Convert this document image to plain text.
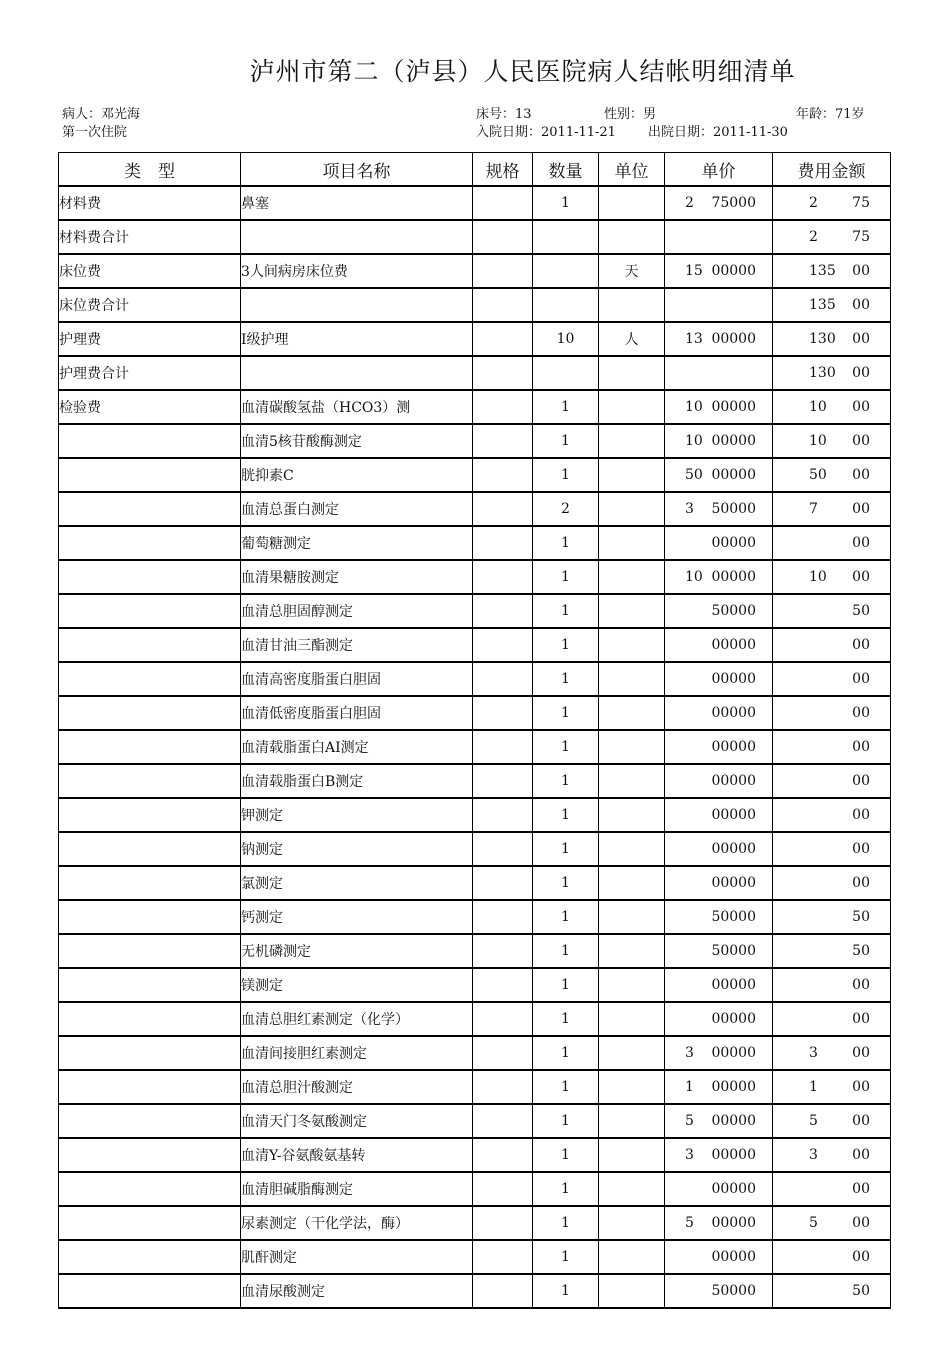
泸州市第二（泸县）人民医院病人结帐明细清单
病人：邓光海
第一次住院
床号：13	性别：男	年龄：71岁
入院日期：2011-11-21 出院日期：2011-11-30
类　型	项目名称	规格	数量	单位	单价	费用金额
材料费	鼻塞		1		2 75000	2 75

材料费合计						2 75

床位费	3人间病房床位费			天	15 00000	135 00

床位费合计						135 00

护理费	I级护理		10	人	13 00000	130 00

护理费合计						130 00

检验费	血清碳酸氢盐（HCO3）测		1		10 00000	10 00

	血清5核苷酸酶测定		1		10 00000	10 00

	胱抑素C		1		50 00000	50 00

	血清总蛋白测定		2		3 50000	7 00

	葡萄糖测定		1		00000	00

	血清果糖胺测定		1		10 00000	10 00

	血清总胆固醇测定		1		50000	50

	血清甘油三酯测定		1		00000	00

	血清高密度脂蛋白胆固		1		00000	00

	血清低密度脂蛋白胆固		1		00000	00

	血清载脂蛋白AI测定		1		00000	00

	血清载脂蛋白B测定		1		00000	00

	钾测定		1		00000	00

	钠测定		1		00000	00

	氯测定		1		00000	00

	钙测定		1		50000	50

	无机磷测定		1		50000	50

	镁测定		1		00000	00

	血清总胆红素测定（化学）		1		00000	00

	血清间接胆红素测定		1		3 00000	3 00

	血清总胆汁酸测定		1		1 00000	1 00

	血清天门冬氨酸测定		1		5 00000	5 00

	血清Y-谷氨酸氨基转		1		3 00000	3 00

	血清胆碱脂酶测定		1		00000	00

	尿素测定（干化学法，酶）		1		5 00000	5 00

	肌酐测定		1		00000	00

	血清尿酸测定		1		50000	50
